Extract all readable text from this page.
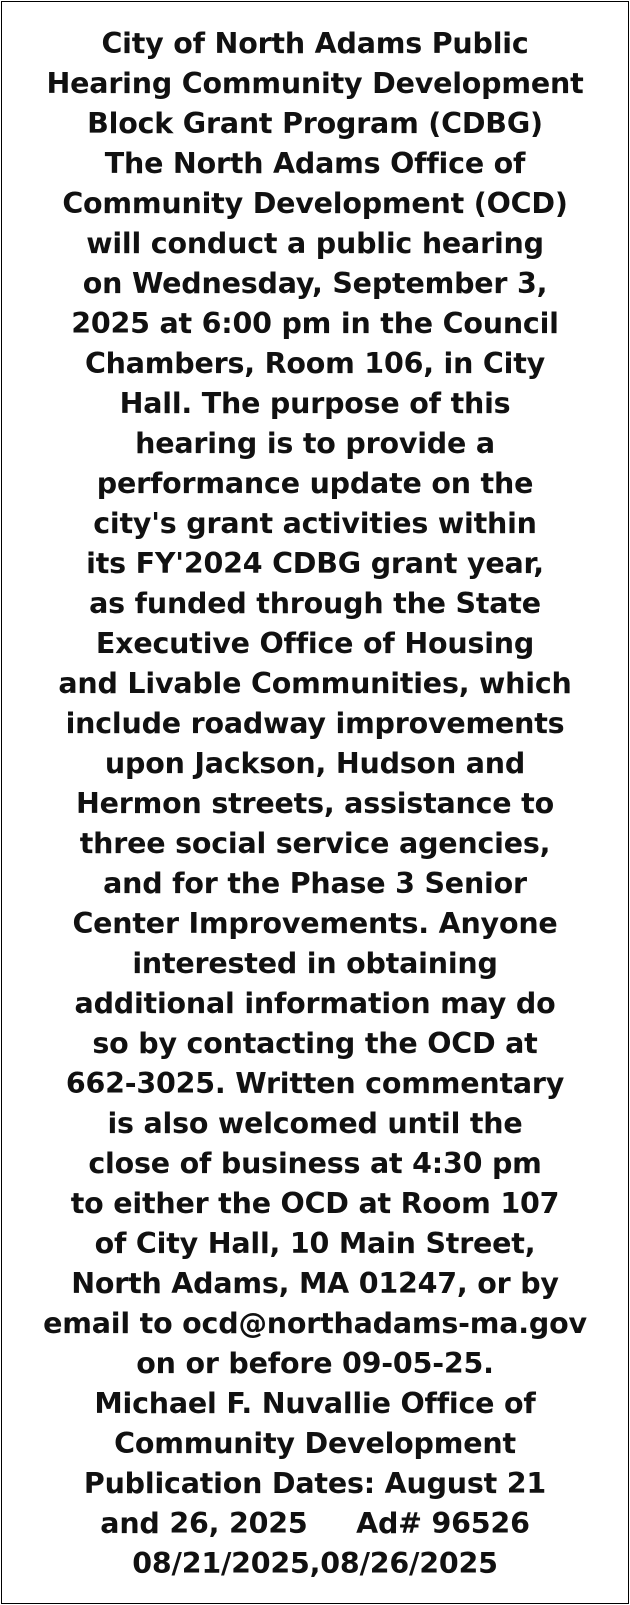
City of North Adams Public
Hearing Community Development
Block Grant Program (CDBG)
The North Adams Office of
Community Development (OCD)
will conduct a public hearing
on Wednesday, September 3,
2025 at 6:00 pm in the Council
Chambers, Room 106, in City
Hall. The purpose of this
hearing is to provide a
performance update on the
city's grant activities within
its FY'2024 CDBG grant year,
as funded through the State
Executive Office of Housing
and Livable Communities, which
include roadway improvements
upon Jackson, Hudson and
Hermon streets, assistance to
three social service agencies,
and for the Phase 3 Senior
Center Improvements. Anyone
interested in obtaining
additional information may do
so by contacting the OCD at
662-3025. Written commentary
is also welcomed until the
close of business at 4:30 pm
to either the OCD at Room 107
of City Hall, 10 Main Street,
North Adams, MA 01247, or by
email to ocd@northadams-ma.gov
on or before 09-05-25.
Michael F. Nuvallie Office of
Community Development
Publication Dates: August 21
and 26, 2025     Ad# 96526
08/21/2025,08/26/2025
